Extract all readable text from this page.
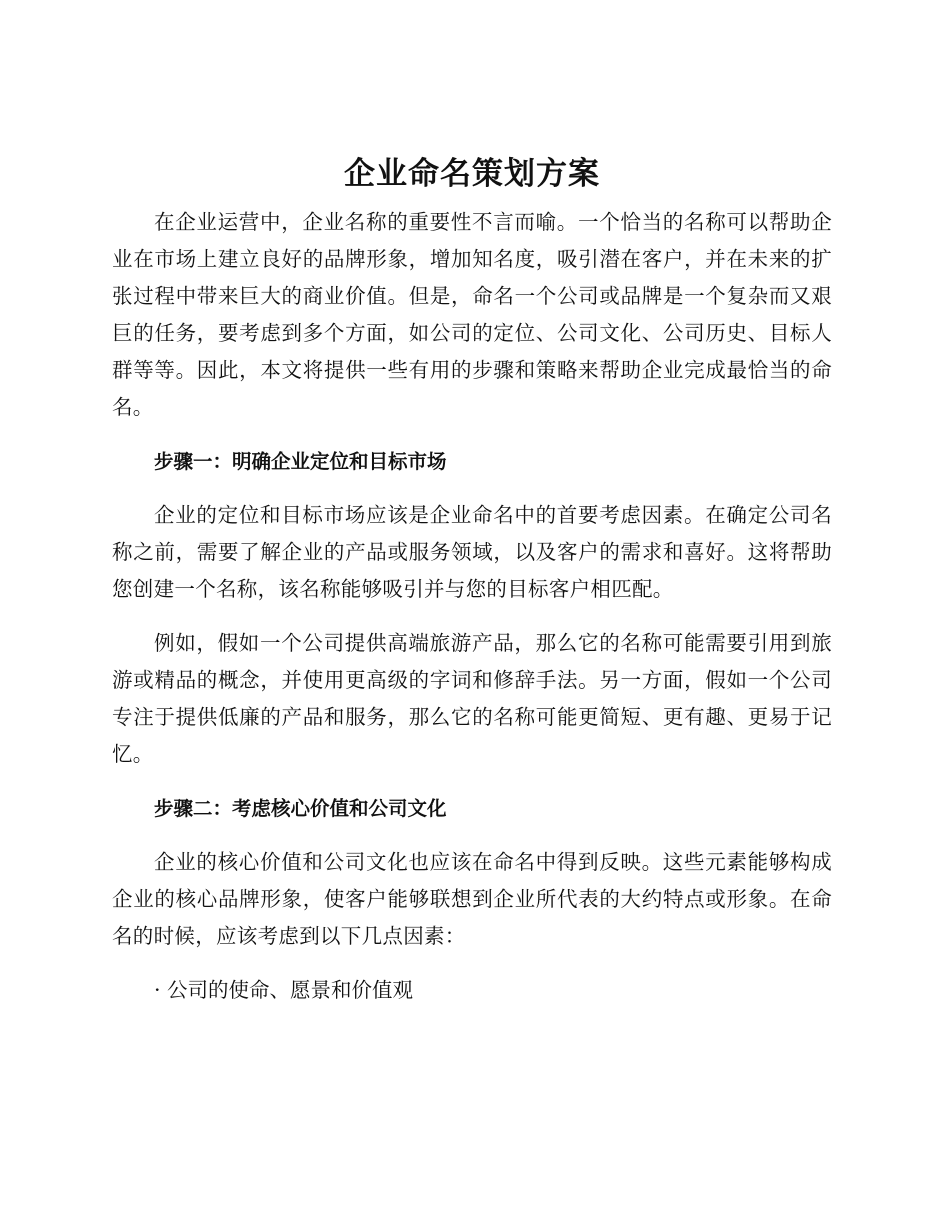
企业命名策划方案

在企业运营中，企业名称的重要性不言而喻。一个恰当的名称可以帮助企业在市场上建立良好的品牌形象，增加知名度，吸引潜在客户，并在未来的扩张过程中带来巨大的商业价值。但是，命名一个公司或品牌是一个复杂而又艰巨的任务，要考虑到多个方面，如公司的定位、公司文化、公司历史、目标人群等等。因此，本文将提供一些有用的步骤和策略来帮助企业完成最恰当的命名。

步骤一：明确企业定位和目标市场

企业的定位和目标市场应该是企业命名中的首要考虑因素。在确定公司名称之前，需要了解企业的产品或服务领域，以及客户的需求和喜好。这将帮助您创建一个名称，该名称能够吸引并与您的目标客户相匹配。

例如，假如一个公司提供高端旅游产品，那么它的名称可能需要引用到旅游或精品的概念，并使用更高级的字词和修辞手法。另一方面，假如一个公司专注于提供低廉的产品和服务，那么它的名称可能更简短、更有趣、更易于记忆。

步骤二：考虑核心价值和公司文化

企业的核心价值和公司文化也应该在命名中得到反映。这些元素能够构成企业的核心品牌形象，使客户能够联想到企业所代表的大约特点或形象。在命名的时候，应该考虑到以下几点因素：

· 公司的使命、愿景和价值观
